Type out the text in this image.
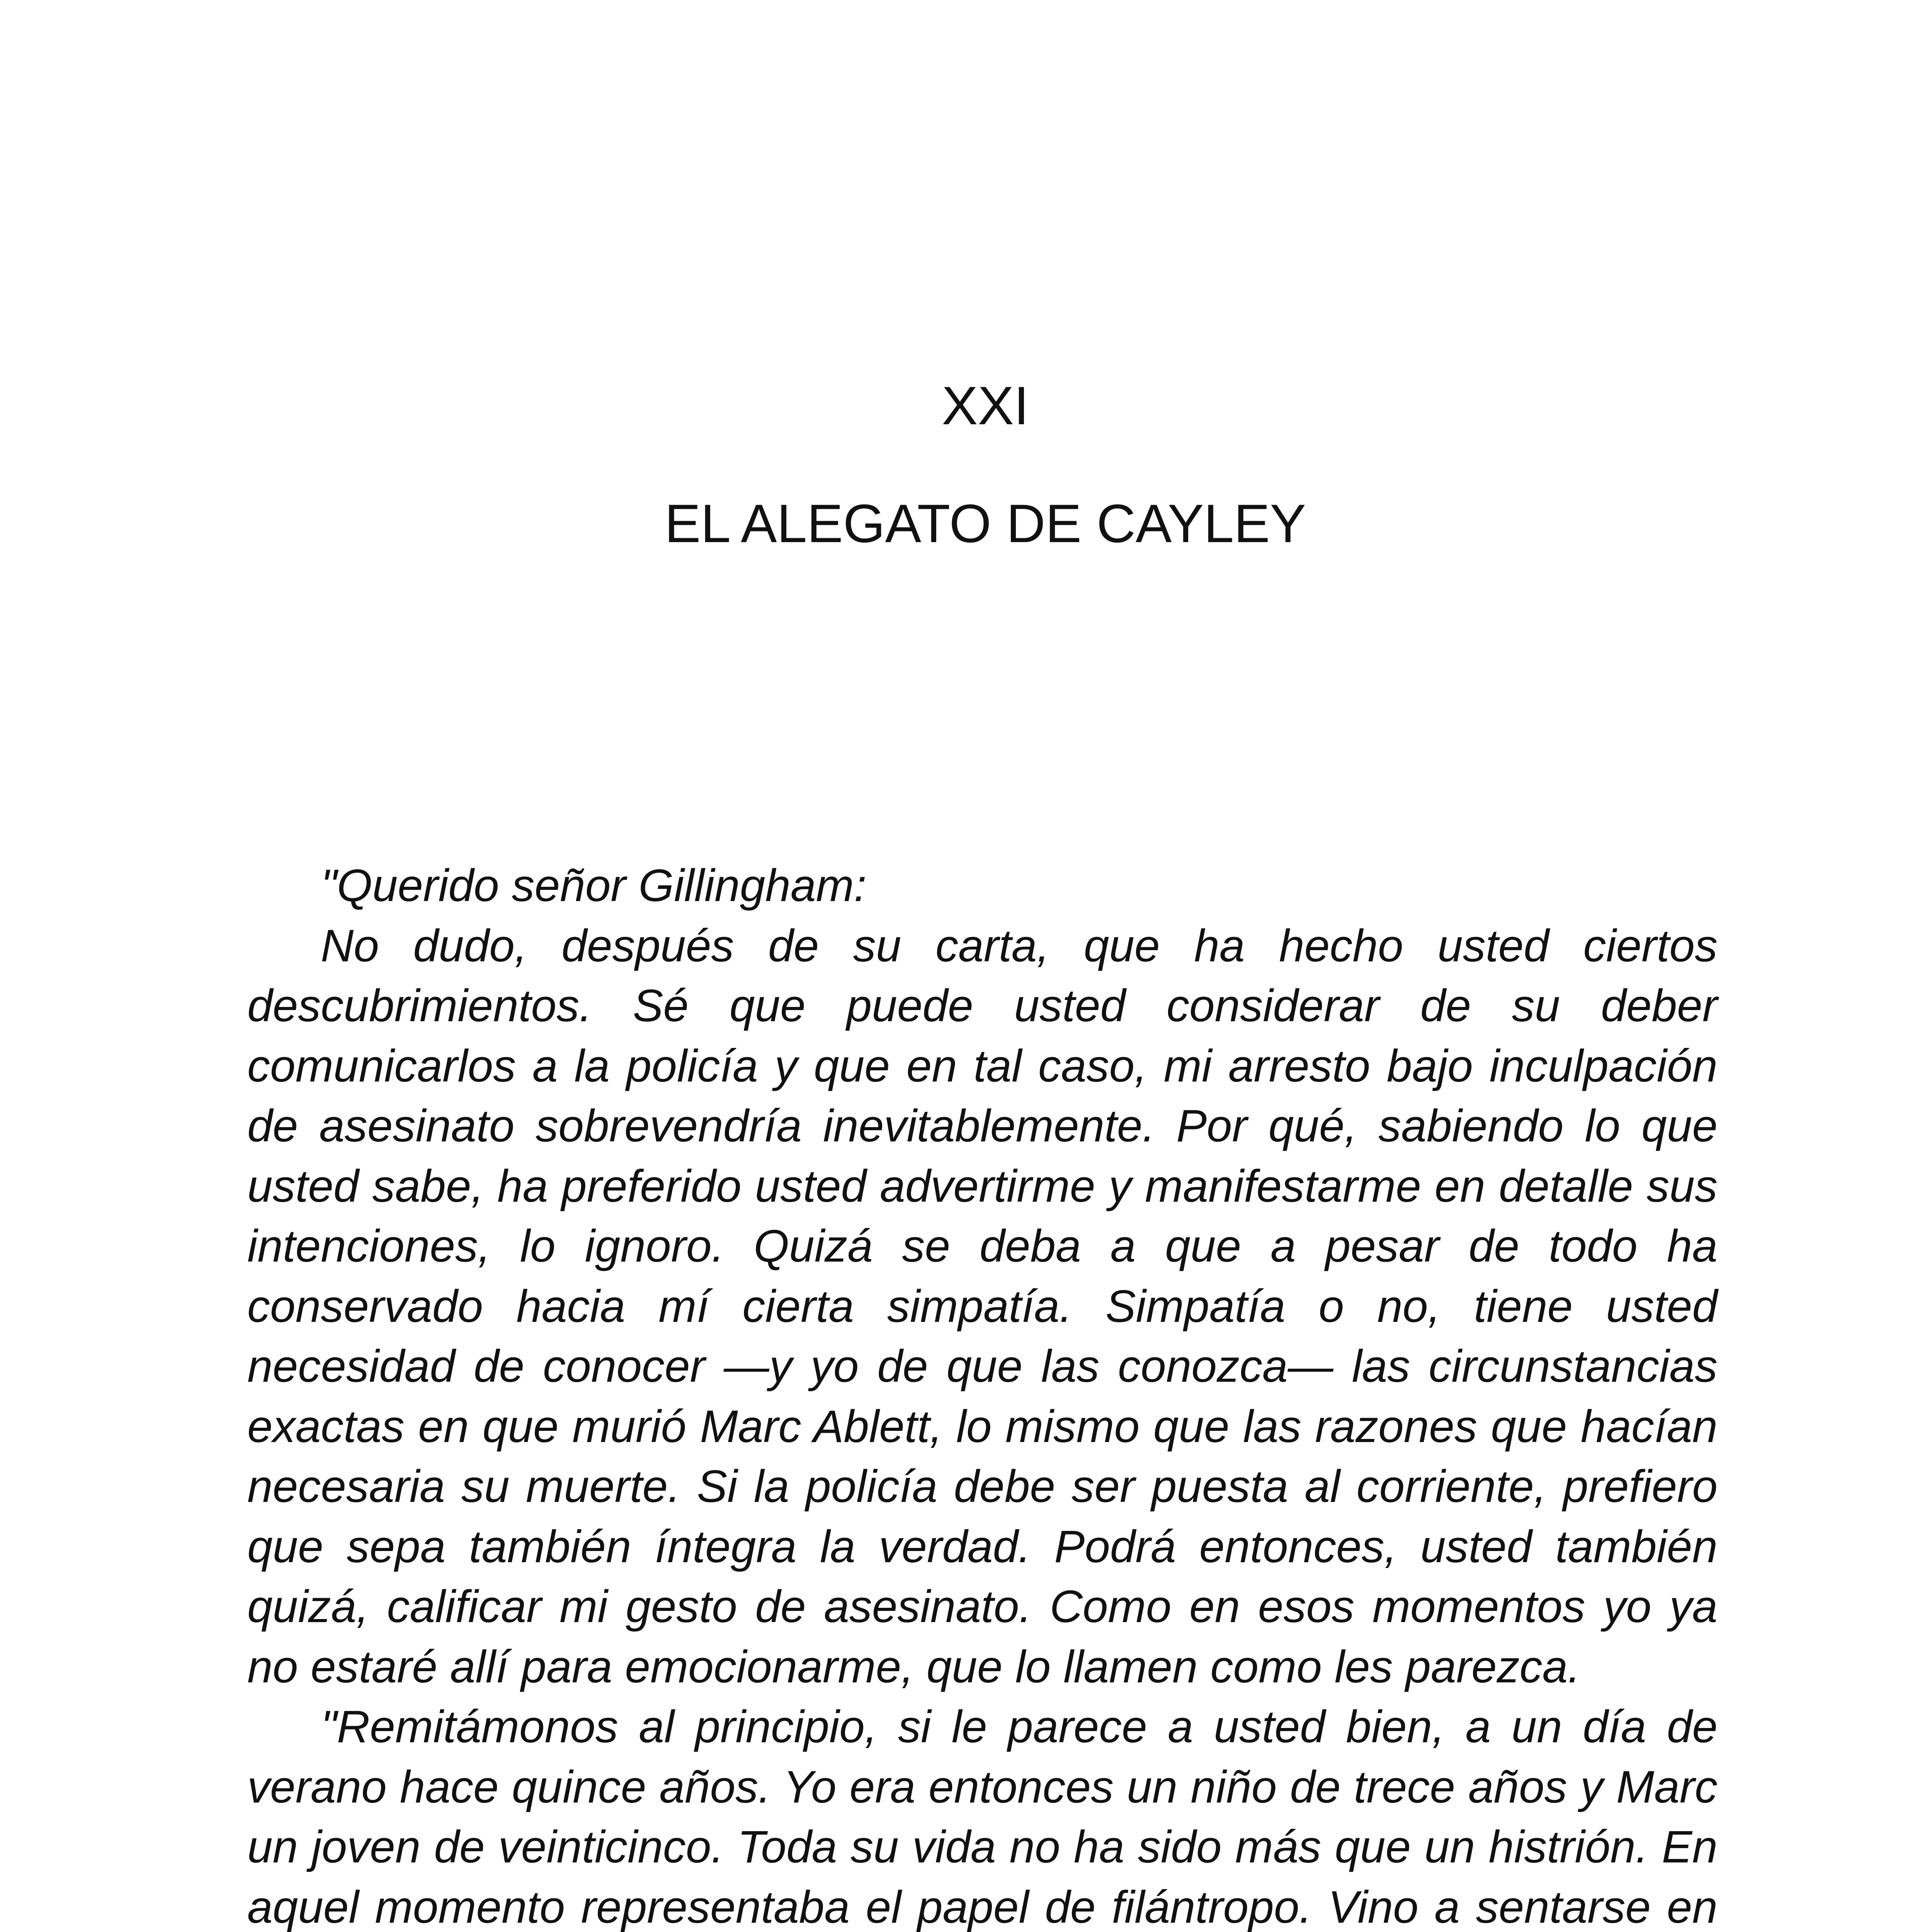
XXI
EL ALEGATO DE CAYLEY

"Querido señor Gillingham:

No dudo, después de su carta, que ha hecho usted ciertos descubrimientos. Sé que puede usted considerar de su deber comunicarlos a la policía y que en tal caso, mi arresto bajo inculpación de asesinato sobrevendría inevitablemente. Por qué, sabiendo lo que usted sabe, ha preferido usted advertirme y manifestarme en detalle sus intenciones, lo ignoro. Quizá se deba a que a pesar de todo ha conservado hacia mí cierta simpatía. Simpatía o no, tiene usted necesidad de conocer —y yo de que las conozca— las circunstancias exactas en que murió Marc Ablett, lo mismo que las razones que hacían necesaria su muerte. Si la policía debe ser puesta al corriente, prefiero que sepa también íntegra la verdad. Podrá entonces, usted también quizá, calificar mi gesto de asesinato. Como en esos momentos yo ya no estaré allí para emocionarme, que lo llamen como les parezca.

"Remitámonos al principio, si le parece a usted bien, a un día de verano hace quince años. Yo era entonces un niño de trece años y Marc un joven de veinticinco. Toda su vida no ha sido más que un histrión. En aquel momento representaba el papel de filántropo. Vino a sentarse en
